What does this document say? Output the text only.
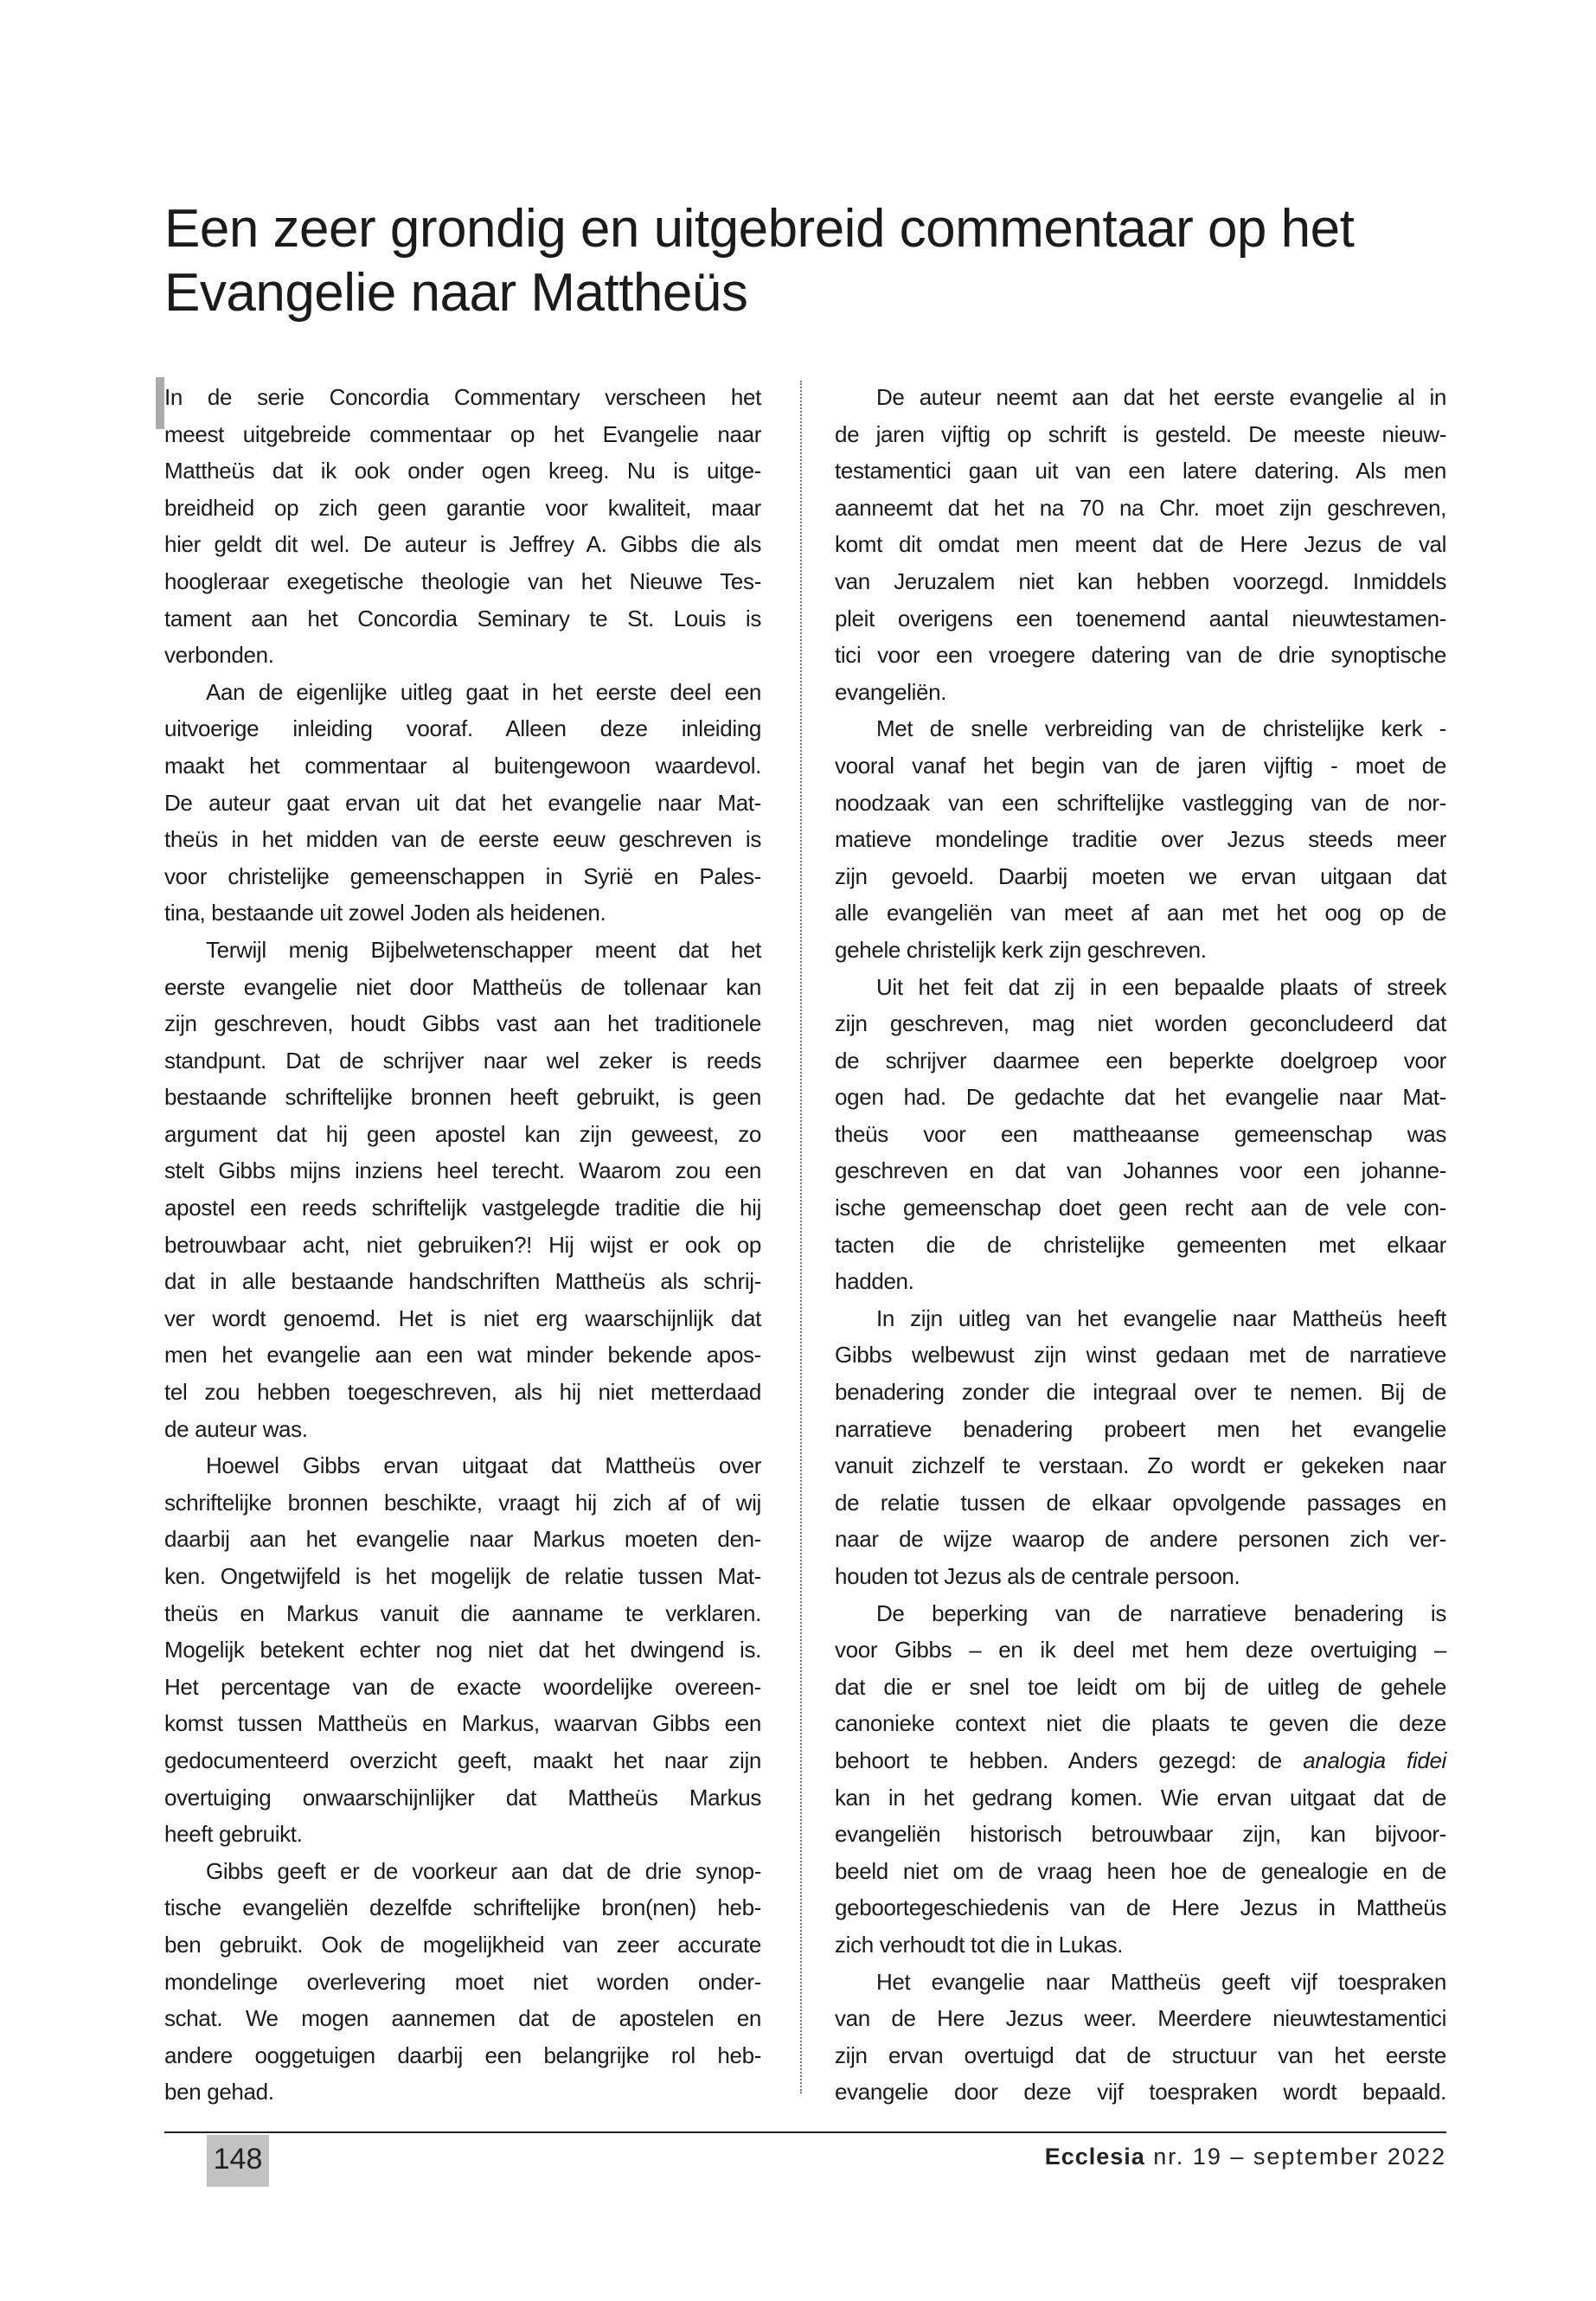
Een zeer grondig en uitgebreid commentaar op het
Evangelie naar Mattheüs
In de serie Concordia Commentary verscheen het
meest uitgebreide commentaar op het Evangelie naar
Mattheüs dat ik ook onder ogen kreeg. Nu is uitge-
breidheid op zich geen garantie voor kwaliteit, maar
hier geldt dit wel. De auteur is Jeffrey A. Gibbs die als
hoogleraar exegetische theologie van het Nieuwe Tes-
tament aan het Concordia Seminary te St. Louis is
verbonden.
Aan de eigenlijke uitleg gaat in het eerste deel een
uitvoerige inleiding vooraf. Alleen deze inleiding
maakt het commentaar al buitengewoon waardevol.
De auteur gaat ervan uit dat het evangelie naar Mat-
theüs in het midden van de eerste eeuw geschreven is
voor christelijke gemeenschappen in Syrië en Pales-
tina, bestaande uit zowel Joden als heidenen.
Terwijl menig Bijbelwetenschapper meent dat het
eerste evangelie niet door Mattheüs de tollenaar kan
zijn geschreven, houdt Gibbs vast aan het traditionele
standpunt. Dat de schrijver naar wel zeker is reeds
bestaande schriftelijke bronnen heeft gebruikt, is geen
argument dat hij geen apostel kan zijn geweest, zo
stelt Gibbs mijns inziens heel terecht. Waarom zou een
apostel een reeds schriftelijk vastgelegde traditie die hij
betrouwbaar acht, niet gebruiken?! Hij wijst er ook op
dat in alle bestaande handschriften Mattheüs als schrij-
ver wordt genoemd. Het is niet erg waarschijnlijk dat
men het evangelie aan een wat minder bekende apos-
tel zou hebben toegeschreven, als hij niet metterdaad
de auteur was.
Hoewel Gibbs ervan uitgaat dat Mattheüs over
schriftelijke bronnen beschikte, vraagt hij zich af of wij
daarbij aan het evangelie naar Markus moeten den-
ken. Ongetwijfeld is het mogelijk de relatie tussen Mat-
theüs en Markus vanuit die aanname te verklaren.
Mogelijk betekent echter nog niet dat het dwingend is.
Het percentage van de exacte woordelijke overeen-
komst tussen Mattheüs en Markus, waarvan Gibbs een
gedocumenteerd overzicht geeft, maakt het naar zijn
overtuiging onwaarschijnlijker dat Mattheüs Markus
heeft gebruikt.
Gibbs geeft er de voorkeur aan dat de drie synop-
tische evangeliën dezelfde schriftelijke bron(nen) heb-
ben gebruikt. Ook de mogelijkheid van zeer accurate
mondelinge overlevering moet niet worden onder-
schat. We mogen aannemen dat de apostelen en
andere ooggetuigen daarbij een belangrijke rol heb-
ben gehad.
De auteur neemt aan dat het eerste evangelie al in
de jaren vijftig op schrift is gesteld. De meeste nieuw-
testamentici gaan uit van een latere datering. Als men
aanneemt dat het na 70 na Chr. moet zijn geschreven,
komt dit omdat men meent dat de Here Jezus de val
van Jeruzalem niet kan hebben voorzegd. Inmiddels
pleit overigens een toenemend aantal nieuwtestamen-
tici voor een vroegere datering van de drie synoptische
evangeliën.
Met de snelle verbreiding van de christelijke kerk -
vooral vanaf het begin van de jaren vijftig - moet de
noodzaak van een schriftelijke vastlegging van de nor-
matieve mondelinge traditie over Jezus steeds meer
zijn gevoeld. Daarbij moeten we ervan uitgaan dat
alle evangeliën van meet af aan met het oog op de
gehele christelijk kerk zijn geschreven.
Uit het feit dat zij in een bepaalde plaats of streek
zijn geschreven, mag niet worden geconcludeerd dat
de schrijver daarmee een beperkte doelgroep voor
ogen had. De gedachte dat het evangelie naar Mat-
theüs voor een mattheaanse gemeenschap was
geschreven en dat van Johannes voor een johanne-
ische gemeenschap doet geen recht aan de vele con-
tacten die de christelijke gemeenten met elkaar
hadden.
In zijn uitleg van het evangelie naar Mattheüs heeft
Gibbs welbewust zijn winst gedaan met de narratieve
benadering zonder die integraal over te nemen. Bij de
narratieve benadering probeert men het evangelie
vanuit zichzelf te verstaan. Zo wordt er gekeken naar
de relatie tussen de elkaar opvolgende passages en
naar de wijze waarop de andere personen zich ver-
houden tot Jezus als de centrale persoon.
De beperking van de narratieve benadering is
voor Gibbs – en ik deel met hem deze overtuiging –
dat die er snel toe leidt om bij de uitleg de gehele
canonieke context niet die plaats te geven die deze
behoort te hebben. Anders gezegd: de analogia fidei
kan in het gedrang komen. Wie ervan uitgaat dat de
evangeliën historisch betrouwbaar zijn, kan bijvoor-
beeld niet om de vraag heen hoe de genealogie en de
geboortegeschiedenis van de Here Jezus in Mattheüs
zich verhoudt tot die in Lukas.
Het evangelie naar Mattheüs geeft vijf toespraken
van de Here Jezus weer. Meerdere nieuwtestamentici
zijn ervan overtuigd dat de structuur van het eerste
evangelie door deze vijf toespraken wordt bepaald.
148	Ecclesia nr. 19 – september 2022
